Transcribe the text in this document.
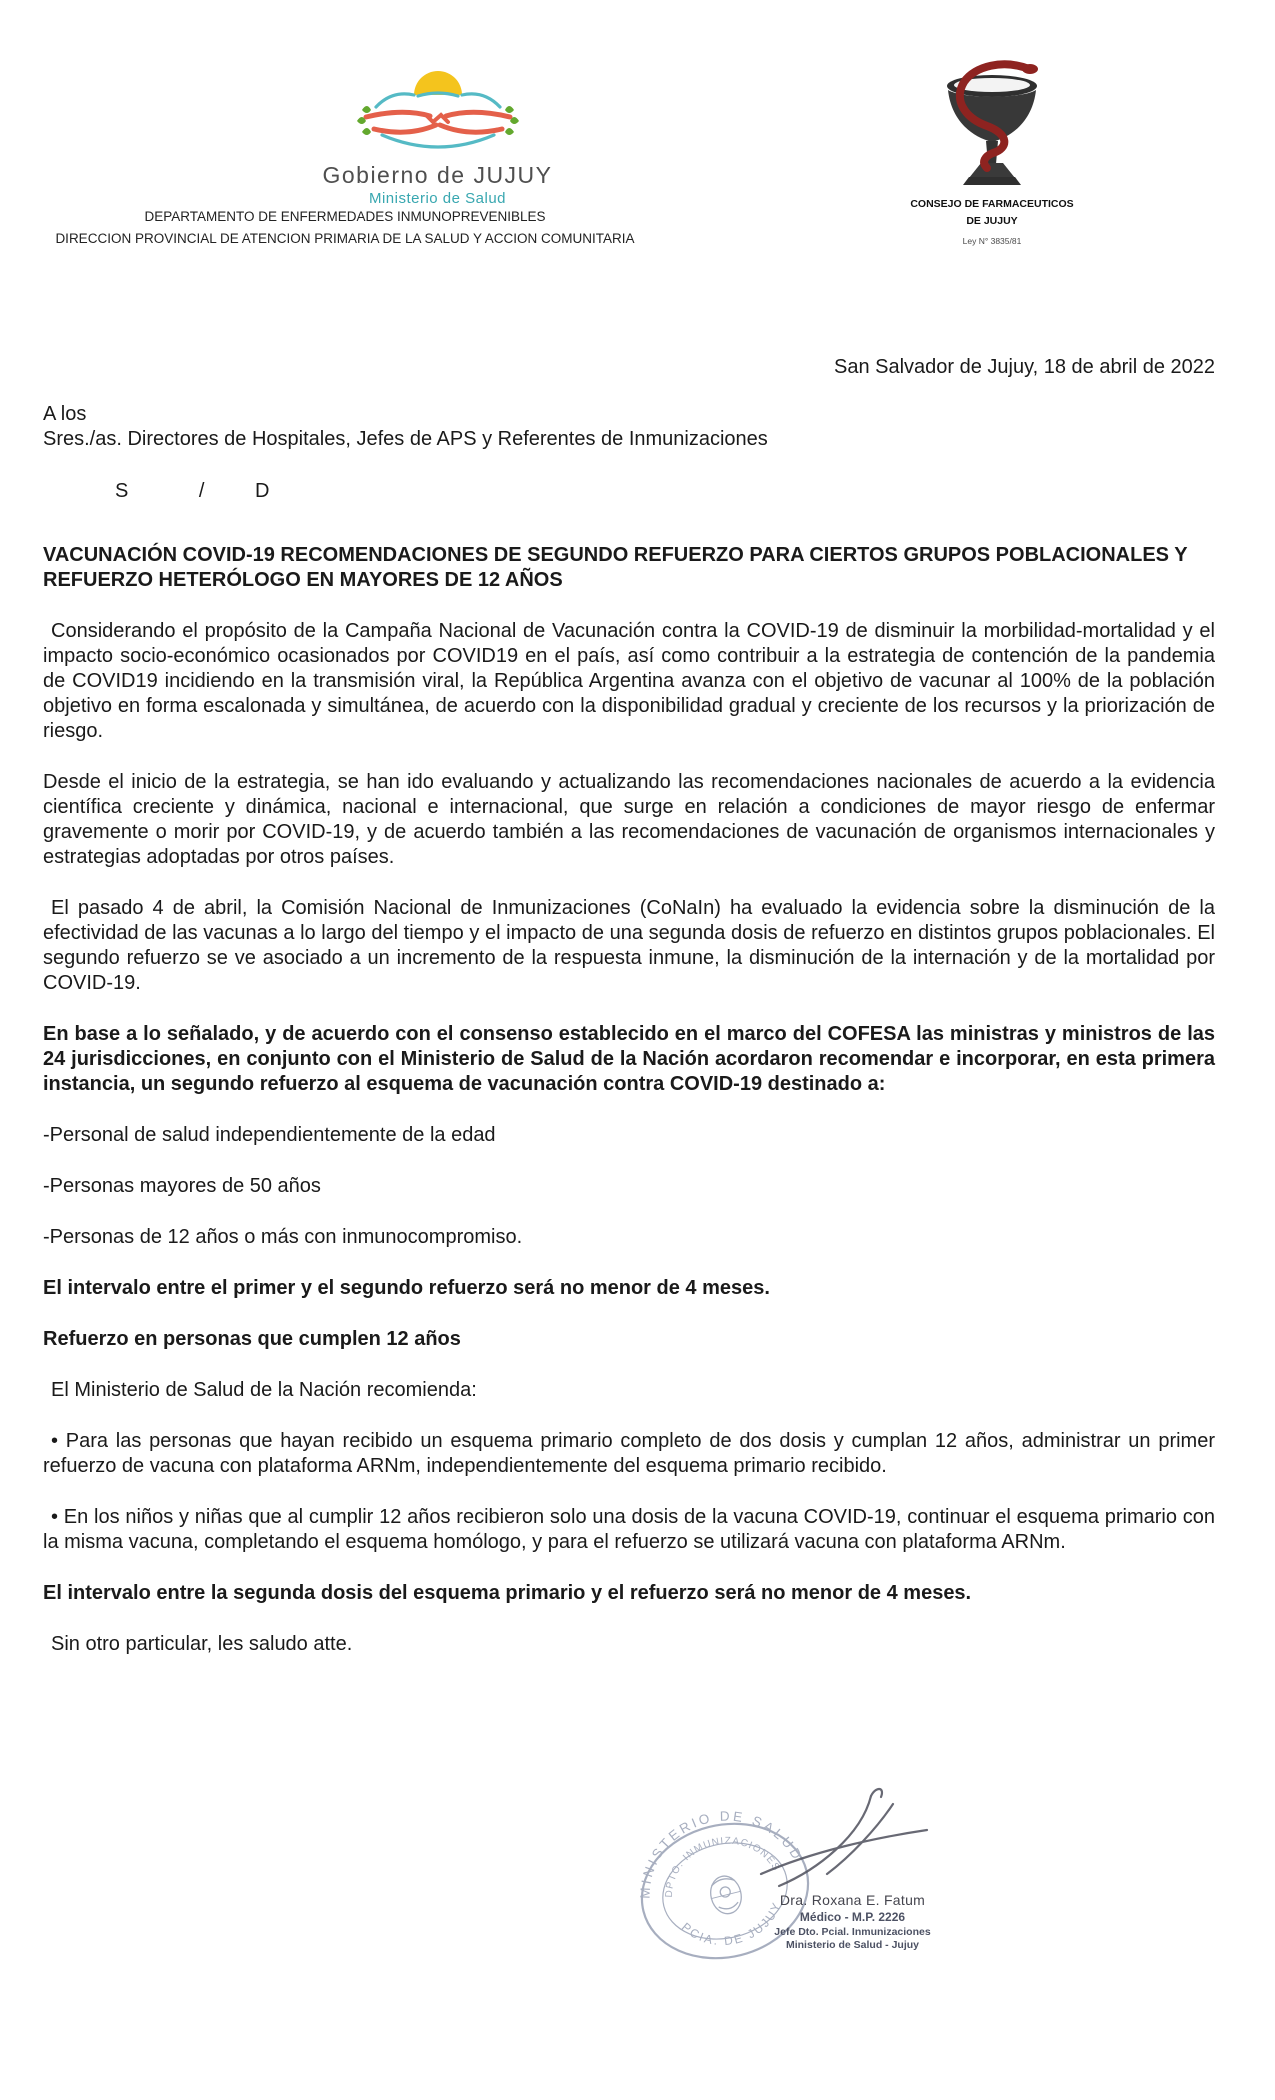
Gobierno de JUJUY
Ministerio de Salud	CONSEJO DE FARMACEUTICOS
DE JUJUY
Ley N° 3835/81
DEPARTAMENTO DE ENFERMEDADES INMUNOPREVENIBLES
DIRECCION PROVINCIAL DE ATENCION PRIMARIA DE LA SALUD Y ACCION COMUNITARIA
San Salvador de Jujuy, 18 de abril de 2022
A los
Sres./as. Directores de Hospitales, Jefes de APS y Referentes de Inmunizaciones
S	/	D
VACUNACIÓN COVID-19 RECOMENDACIONES DE SEGUNDO REFUERZO PARA CIERTOS GRUPOS POBLACIONALES Y REFUERZO HETERÓLOGO EN MAYORES DE 12 AÑOS

Considerando el propósito de la Campaña Nacional de Vacunación contra la COVID-19 de disminuir la morbilidad-mortalidad y el impacto socio-económico ocasionados por COVID19 en el país, así como contribuir a la estrategia de contención de la pandemia de COVID19 incidiendo en la transmisión viral, la República Argentina avanza con el objetivo de vacunar al 100% de la población objetivo en forma escalonada y simultánea, de acuerdo con la disponibilidad gradual y creciente de los recursos y la priorización de riesgo.

Desde el inicio de la estrategia, se han ido evaluando y actualizando las recomendaciones nacionales de acuerdo a la evidencia científica creciente y dinámica, nacional e internacional, que surge en relación a condiciones de mayor riesgo de enfermar gravemente o morir por COVID-19, y de acuerdo también a las recomendaciones de vacunación de organismos internacionales y estrategias adoptadas por otros países.

El pasado 4 de abril, la Comisión Nacional de Inmunizaciones (CoNaIn) ha evaluado la evidencia sobre la disminución de la efectividad de las vacunas a lo largo del tiempo y el impacto de una segunda dosis de refuerzo en distintos grupos poblacionales. El segundo refuerzo se ve asociado a un incremento de la respuesta inmune, la disminución de la internación y de la mortalidad por COVID-19.

En base a lo señalado, y de acuerdo con el consenso establecido en el marco del COFESA las ministras y ministros de las 24 jurisdicciones, en conjunto con el Ministerio de Salud de la Nación acordaron recomendar e incorporar, en esta primera instancia, un segundo refuerzo al esquema de vacunación contra COVID-19 destinado a:

-Personal de salud independientemente de la edad

-Personas mayores de 50 años

-Personas de 12 años o más con inmunocompromiso.

El intervalo entre el primer y el segundo refuerzo será no menor de 4 meses.

Refuerzo en personas que cumplen 12 años

El Ministerio de Salud de la Nación recomienda:

• Para las personas que hayan recibido un esquema primario completo de dos dosis y cumplan 12 años, administrar un primer refuerzo de vacuna con plataforma ARNm, independientemente del esquema primario recibido.

• En los niños y niñas que al cumplir 12 años recibieron solo una dosis de la vacuna COVID-19, continuar el esquema primario con la misma vacuna, completando el esquema homólogo, y para el refuerzo se utilizará vacuna con plataforma ARNm.

El intervalo entre la segunda dosis del esquema primario y el refuerzo será no menor de 4 meses.

Sin otro particular, les saludo atte.

MINISTERIO DE SALUD
DPTO. INMUNIZACIONES
PCIA. DE JUJUY
Dra. Roxana E. Fatum
Médico - M.P. 2226
Jefe Dto. Pcial. Inmunizaciones
Ministerio de Salud - Jujuy
